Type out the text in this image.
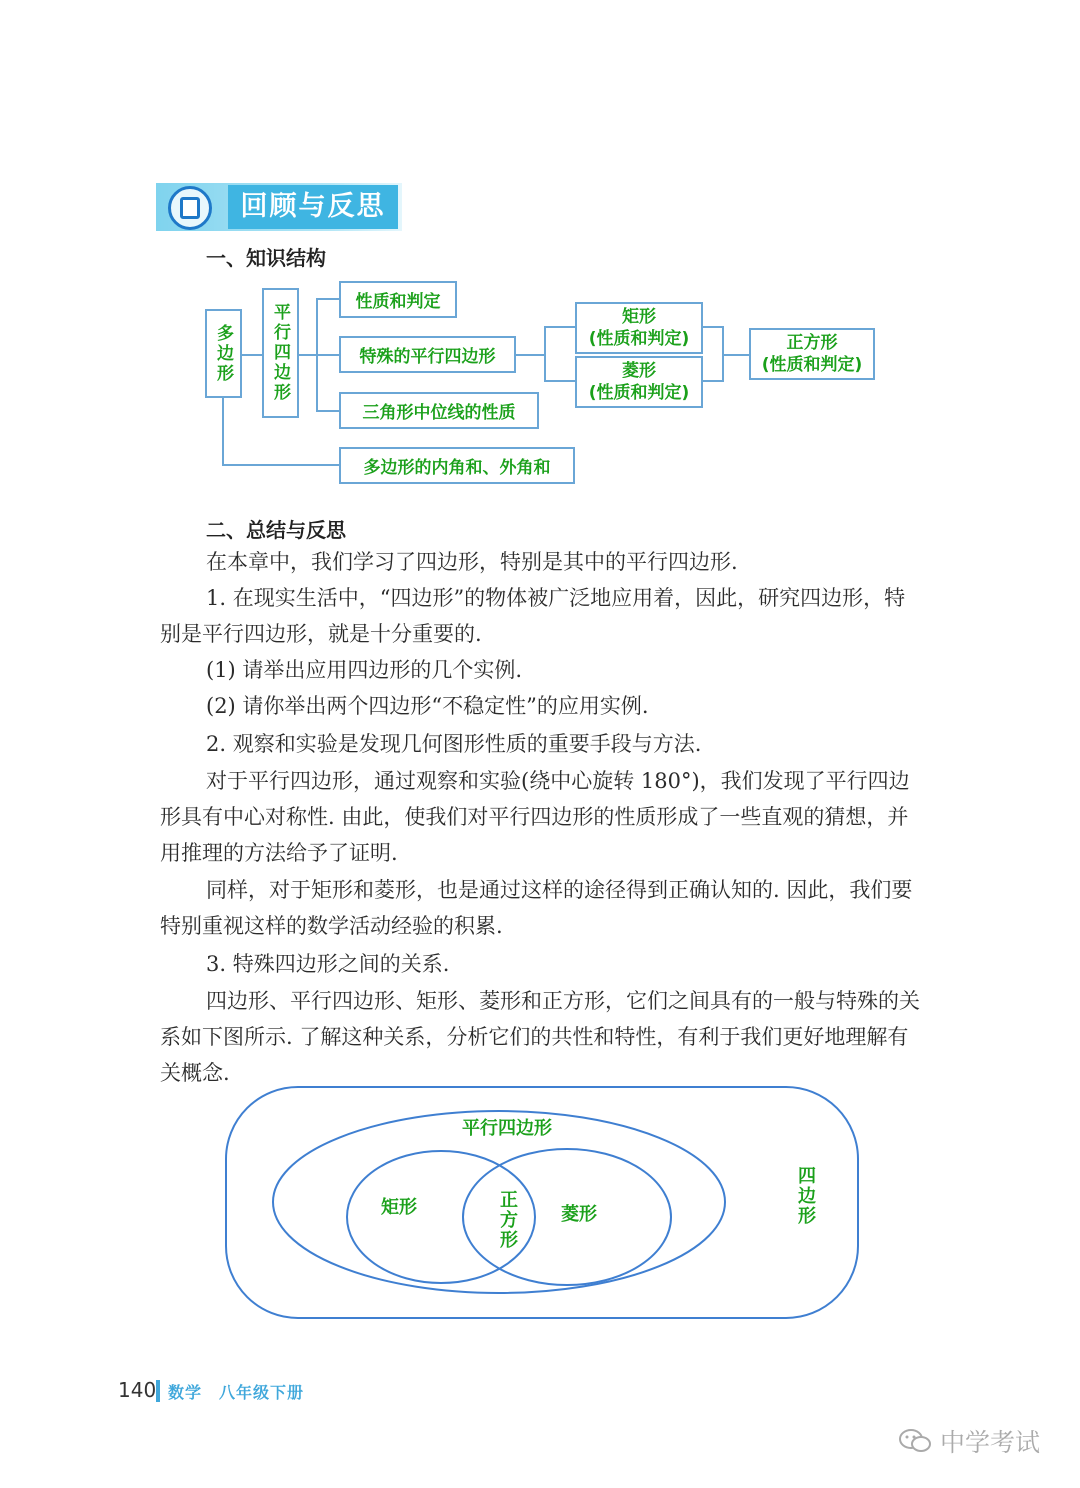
回顾与反思
一、知识结构
多边形	平行四边形
性质和判定
特殊的平行四边形
三角形中位线的性质
多边形的内角和、外角和
矩形
(性质和判定)
菱形
(性质和判定)
正方形
(性质和判定)
二、总结与反思

在本章中，我们学习了四边形，特别是其中的平行四边形.

1. 在现实生活中，“四边形”的物体被广泛地应用着，因此，研究四边形，特别是平行四边形，就是十分重要的.

(1) 请举出应用四边形的几个实例.

(2) 请你举出两个四边形“不稳定性”的应用实例.

2. 观察和实验是发现几何图形性质的重要手段与方法.

对于平行四边形，通过观察和实验(绕中心旋转 180°)，我们发现了平行四边形具有中心对称性. 由此，使我们对平行四边形的性质形成了一些直观的猜想，并用推理的方法给予了证明.

同样，对于矩形和菱形，也是通过这样的途径得到正确认知的. 因此，我们要特别重视这样的数学活动经验的积累.

3. 特殊四边形之间的关系.

四边形、平行四边形、矩形、菱形和正方形，它们之间具有的一般与特殊的关系如下图所示. 了解这种关系，分析它们的共性和特性，有利于我们更好地理解有关概念.

平行四边形
矩形	菱形
正方形	四边形
140 数学　八年级下册
中学考试
